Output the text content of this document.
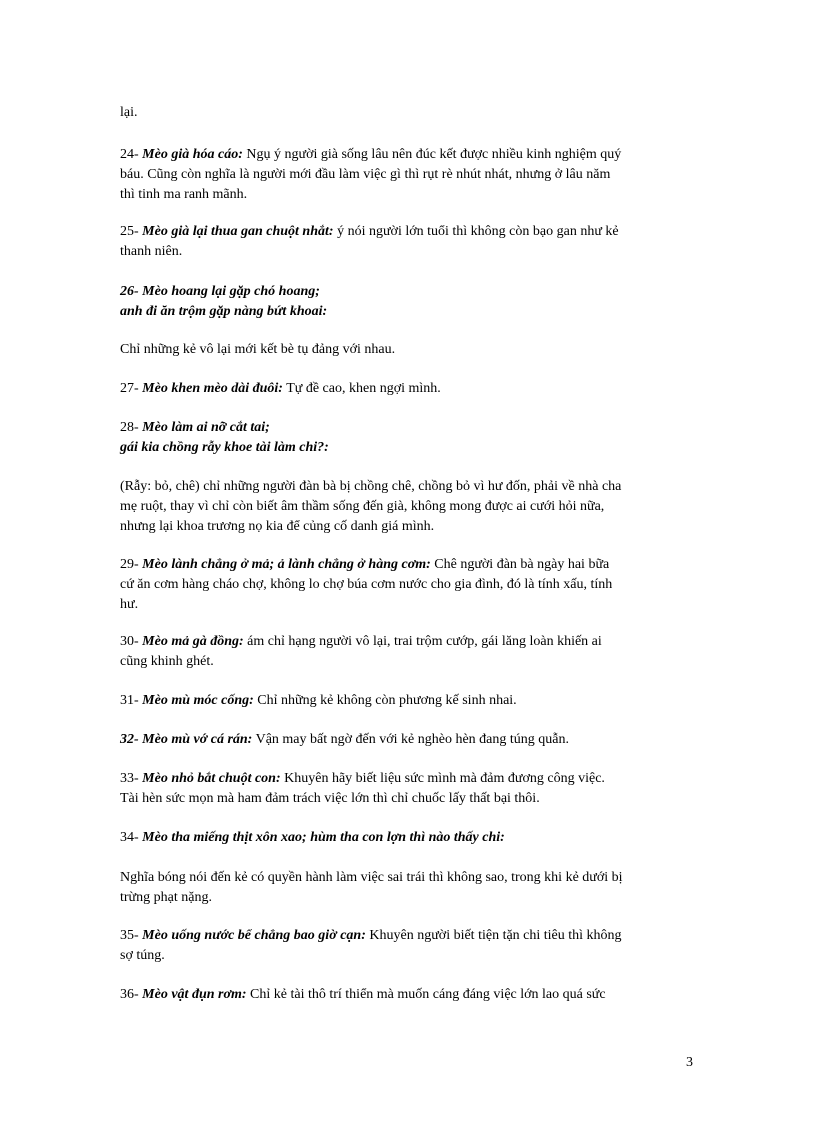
lại.

24- Mèo già hóa cáo: Ngụ ý người già sống lâu nên đúc kết được nhiều kinh nghiệm quý
báu. Cũng còn nghĩa là người mới đầu làm việc gì thì rụt rè nhút nhát, nhưng ở lâu năm
thì tinh ma ranh mãnh.

25- Mèo già lại thua gan chuột nhắt: ý nói người lớn tuổi thì không còn bạo gan như kẻ
thanh niên.

26- Mèo hoang lại gặp chó hoang;
anh đi ăn trộm gặp nàng bứt khoai:

Chỉ những kẻ vô lại mới kết bè tụ đảng với nhau.

27- Mèo khen mèo dài đuôi: Tự đề cao, khen ngợi mình.

28- Mèo làm ai nỡ cắt tai;
gái kia chồng rẫy khoe tài làm chi?:

(Rẫy: bỏ, chê) chỉ những người đàn bà bị chồng chê, chồng bỏ vì hư đốn, phải về nhà cha
mẹ ruột, thay vì chỉ còn biết âm thầm sống đến già, không mong được ai cưới hỏi nữa,
nhưng lại khoa trương nọ kia để củng cố danh giá mình.

29- Mèo lành chẳng ở mả; ả lành chẳng ở hàng cơm: Chê người đàn bà ngày hai bữa
cứ ăn cơm hàng cháo chợ, không lo chợ búa cơm nước cho gia đình, đó là tính xấu, tính
hư.

30- Mèo mả gà đồng: ám chỉ hạng người vô lại, trai trộm cướp, gái lăng loàn khiến ai
cũng khinh ghét.

31- Mèo mù móc cống: Chỉ những kẻ không còn phương kế sinh nhai.

32- Mèo mù vớ cá rán: Vận may bất ngờ đến với kẻ nghèo hèn đang túng quẫn.

33- Mèo nhỏ bắt chuột con: Khuyên hãy biết liệu sức mình mà đảm đương công việc.
Tài hèn sức mọn mà ham đảm trách việc lớn thì chỉ chuốc lấy thất bại thôi.

34- Mèo tha miếng thịt xôn xao; hùm tha con lợn thì nào thấy chi:

Nghĩa bóng nói đến kẻ có quyền hành làm việc sai trái thì không sao, trong khi kẻ dưới bị
trừng phạt nặng.

35- Mèo uống nước bể chẳng bao giờ cạn: Khuyên người biết tiện tặn chi tiêu thì không
sợ túng.

36- Mèo vật đụn rơm: Chỉ kẻ tài thô trí thiển mà muốn cáng đáng việc lớn lao quá sức

3
